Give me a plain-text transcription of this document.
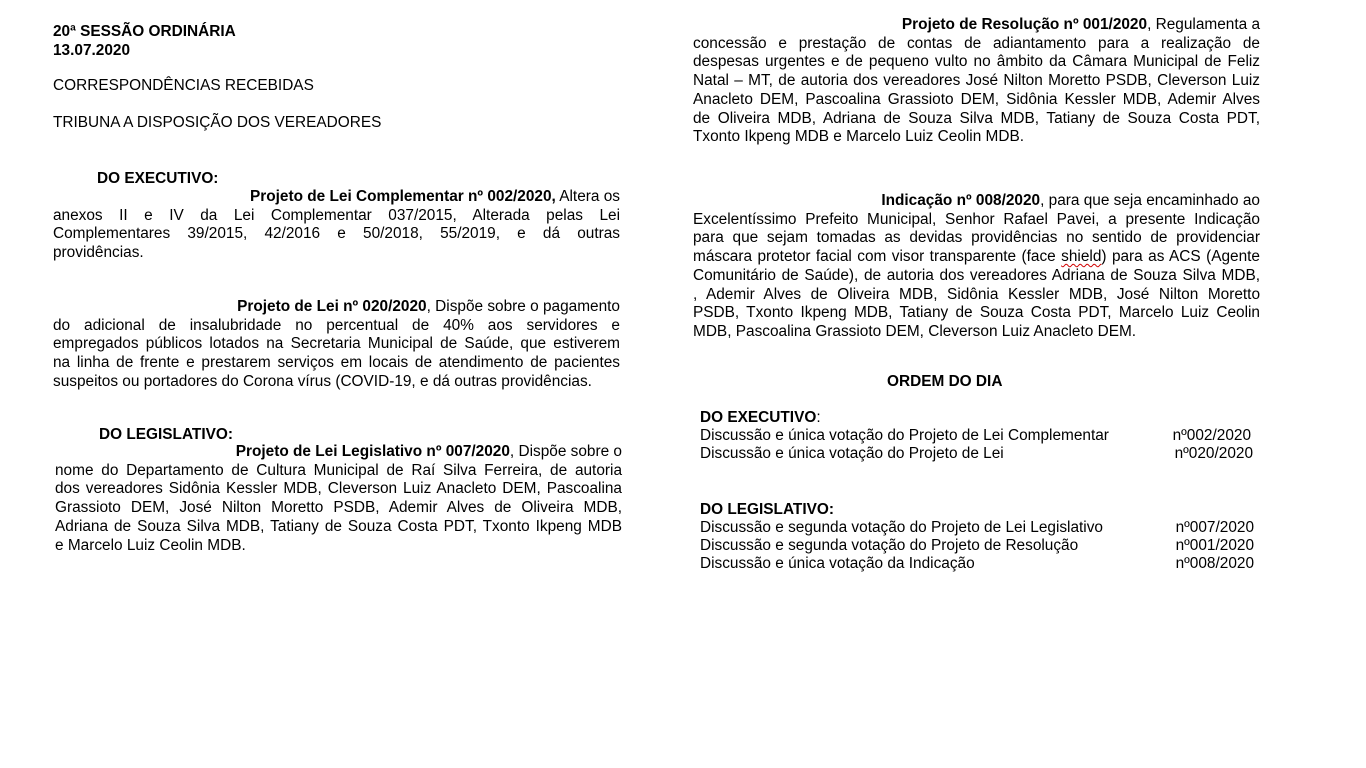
20ª SESSÃO ORDINÁRIA
13.07.2020
CORRESPONDÊNCIAS RECEBIDAS
TRIBUNA A DISPOSIÇÃO DOS VEREADORES
DO EXECUTIVO:
Projeto de Lei Complementar nº 002/2020, Altera os
anexos II e IV da Lei Complementar 037/2015, Alterada pelas Lei
Complementares 39/2015, 42/2016 e 50/2018, 55/2019, e dá outras
providências.
Projeto de Lei nº 020/2020, Dispõe sobre o pagamento
do adicional de insalubridade no percentual de 40% aos servidores e
empregados públicos lotados na Secretaria Municipal de Saúde, que estiverem
na linha de frente e prestarem serviços em locais de atendimento de pacientes
suspeitos ou portadores do Corona vírus (COVID-19, e dá outras providências.
DO LEGISLATIVO:
Projeto de Lei Legislativo nº 007/2020, Dispõe sobre o
nome do Departamento de Cultura Municipal de Raí Silva Ferreira, de autoria
dos vereadores Sidônia Kessler MDB, Cleverson Luiz Anacleto DEM, Pascoalina
Grassioto DEM, José Nilton Moretto PSDB, Ademir Alves de Oliveira MDB,
Adriana de Souza Silva MDB, Tatiany de Souza Costa PDT, Txonto Ikpeng MDB
e Marcelo Luiz Ceolin MDB.
Projeto de Resolução nº 001/2020, Regulamenta a
concessão e prestação de contas de adiantamento para a realização de
despesas urgentes e de pequeno vulto no âmbito da Câmara Municipal de Feliz
Natal – MT, de autoria dos vereadores José Nilton Moretto PSDB, Cleverson Luiz
Anacleto DEM, Pascoalina Grassioto DEM, Sidônia Kessler MDB, Ademir Alves
de Oliveira MDB, Adriana de Souza Silva MDB, Tatiany de Souza Costa PDT,
Txonto Ikpeng MDB e Marcelo Luiz Ceolin MDB.
Indicação nº 008/2020, para que seja encaminhado ao
Excelentíssimo Prefeito Municipal, Senhor Rafael Pavei, a presente Indicação
para que sejam tomadas as devidas providências no sentido de providenciar
máscara protetor facial com visor transparente (face shield) para as ACS (Agente
Comunitário de Saúde), de autoria dos vereadores Adriana de Souza Silva MDB,
, Ademir Alves de Oliveira MDB, Sidônia Kessler MDB, José Nilton Moretto
PSDB, Txonto Ikpeng MDB, Tatiany de Souza Costa PDT, Marcelo Luiz Ceolin
MDB, Pascoalina Grassioto DEM, Cleverson Luiz Anacleto DEM.
ORDEM DO DIA
DO EXECUTIVO:
Discussão e única votação do Projeto de Lei Complementar	nº002/2020
Discussão e única votação do Projeto de Lei	nº020/2020
DO LEGISLATIVO:
Discussão e segunda votação do Projeto de Lei Legislativo	nº007/2020
Discussão e segunda votação do Projeto de Resolução	nº001/2020
Discussão e única votação da Indicação	nº008/2020
